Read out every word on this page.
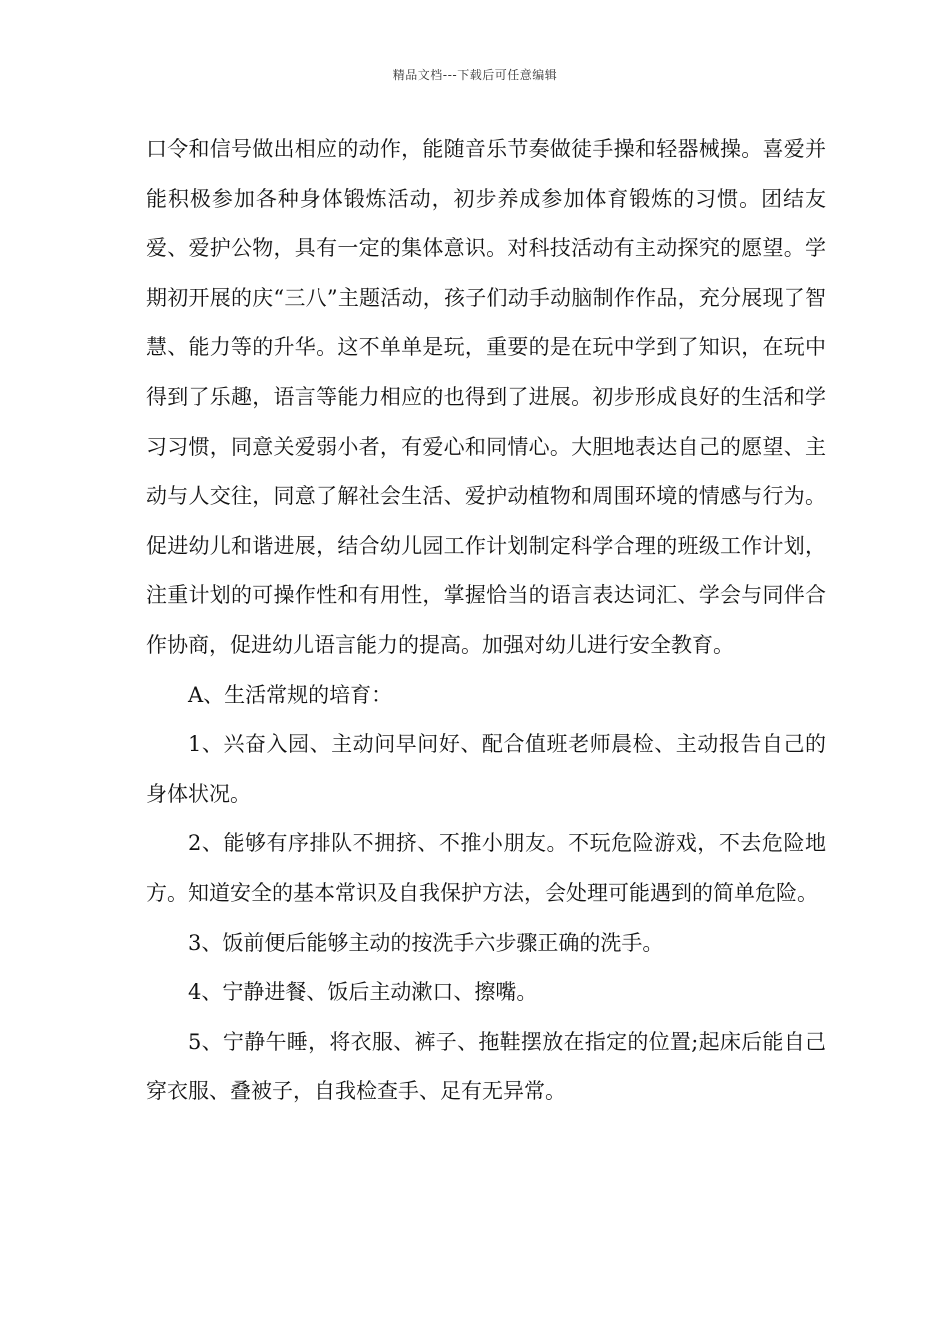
精品文档---下载后可任意编辑

口令和信号做出相应的动作，能随音乐节奏做徒手操和轻器械操。喜爱并能积极参加各种身体锻炼活动，初步养成参加体育锻炼的习惯。团结友爱、爱护公物，具有一定的集体意识。对科技活动有主动探究的愿望。学期初开展的庆“三八”主题活动，孩子们动手动脑制作作品，充分展现了智慧、能力等的升华。这不单单是玩，重要的是在玩中学到了知识，在玩中得到了乐趣，语言等能力相应的也得到了进展。初步形成良好的生活和学习习惯，同意关爱弱小者，有爱心和同情心。大胆地表达自己的愿望、主动与人交往，同意了解社会生活、爱护动植物和周围环境的情感与行为。促进幼儿和谐进展，结合幼儿园工作计划制定科学合理的班级工作计划，注重计划的可操作性和有用性，掌握恰当的语言表达词汇、学会与同伴合作协商，促进幼儿语言能力的提高。加强对幼儿进行安全教育。

A、生活常规的培育：

1、兴奋入园、主动问早问好、配合值班老师晨检、主动报告自己的身体状况。

2、能够有序排队不拥挤、不推小朋友。不玩危险游戏，不去危险地方。知道安全的基本常识及自我保护方法，会处理可能遇到的简单危险。

3、饭前便后能够主动的按洗手六步骤正确的洗手。

4、宁静进餐、饭后主动漱口、擦嘴。

5、宁静午睡，将衣服、裤子、拖鞋摆放在指定的位置;起床后能自己穿衣服、叠被子，自我检查手、足有无异常。
